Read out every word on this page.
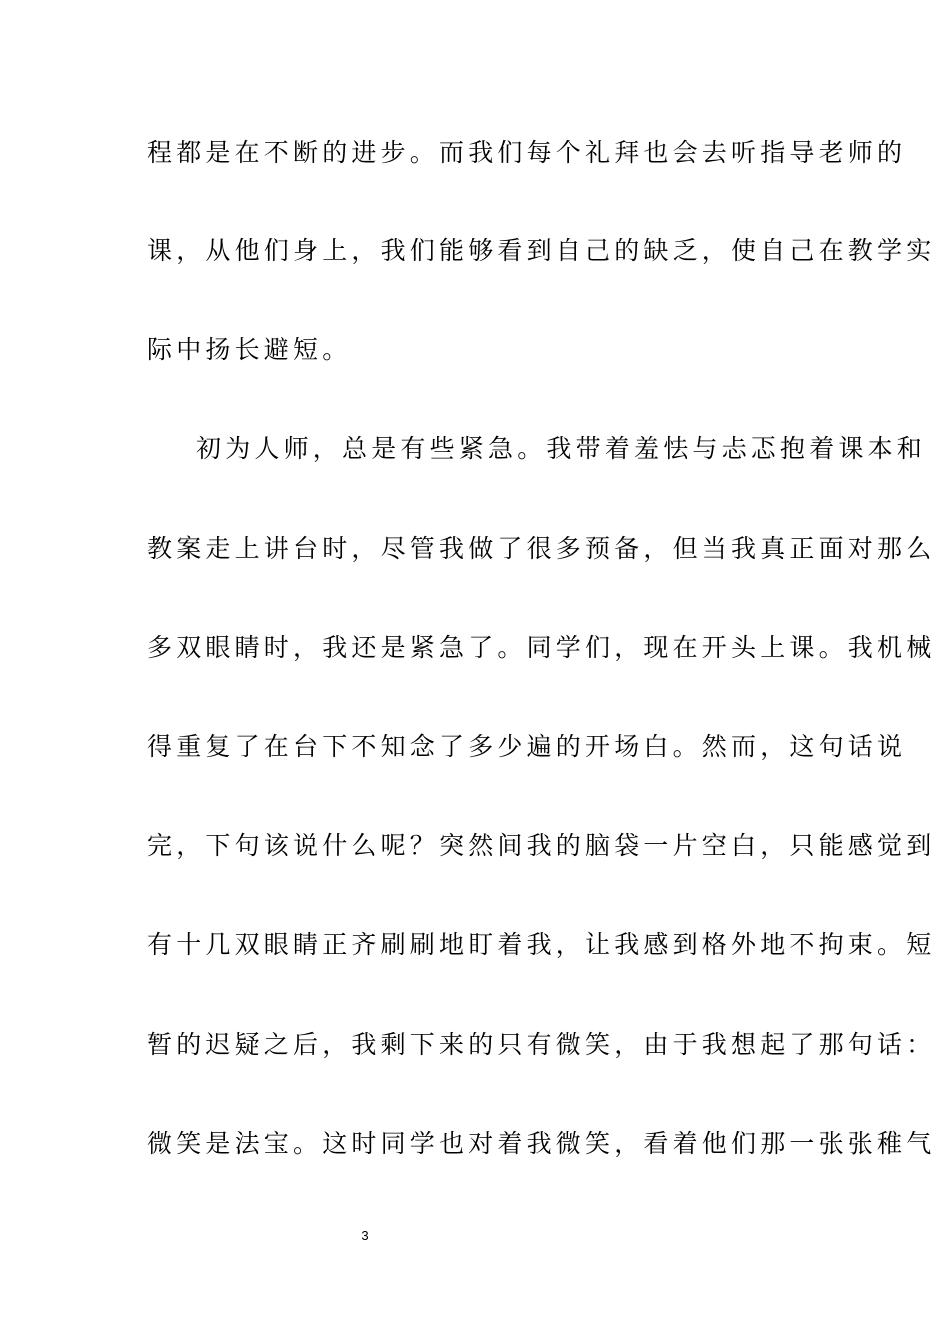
程都是在不断的进步。而我们每个礼拜也会去听指导老师的
课，从他们身上，我们能够看到自己的缺乏，使自己在教学实
际中扬长避短。
初为人师，总是有些紧急。我带着羞怯与忐忑抱着课本和
教案走上讲台时，尽管我做了很多预备，但当我真正面对那么
多双眼睛时，我还是紧急了。同学们，现在开头上课。我机械
得重复了在台下不知念了多少遍的开场白。然而，这句话说
完，下句该说什么呢？突然间我的脑袋一片空白，只能感觉到
有十几双眼睛正齐刷刷地盯着我，让我感到格外地不拘束。短
暂的迟疑之后，我剩下来的只有微笑，由于我想起了那句话：
微笑是法宝。这时同学也对着我微笑，看着他们那一张张稚气
3
